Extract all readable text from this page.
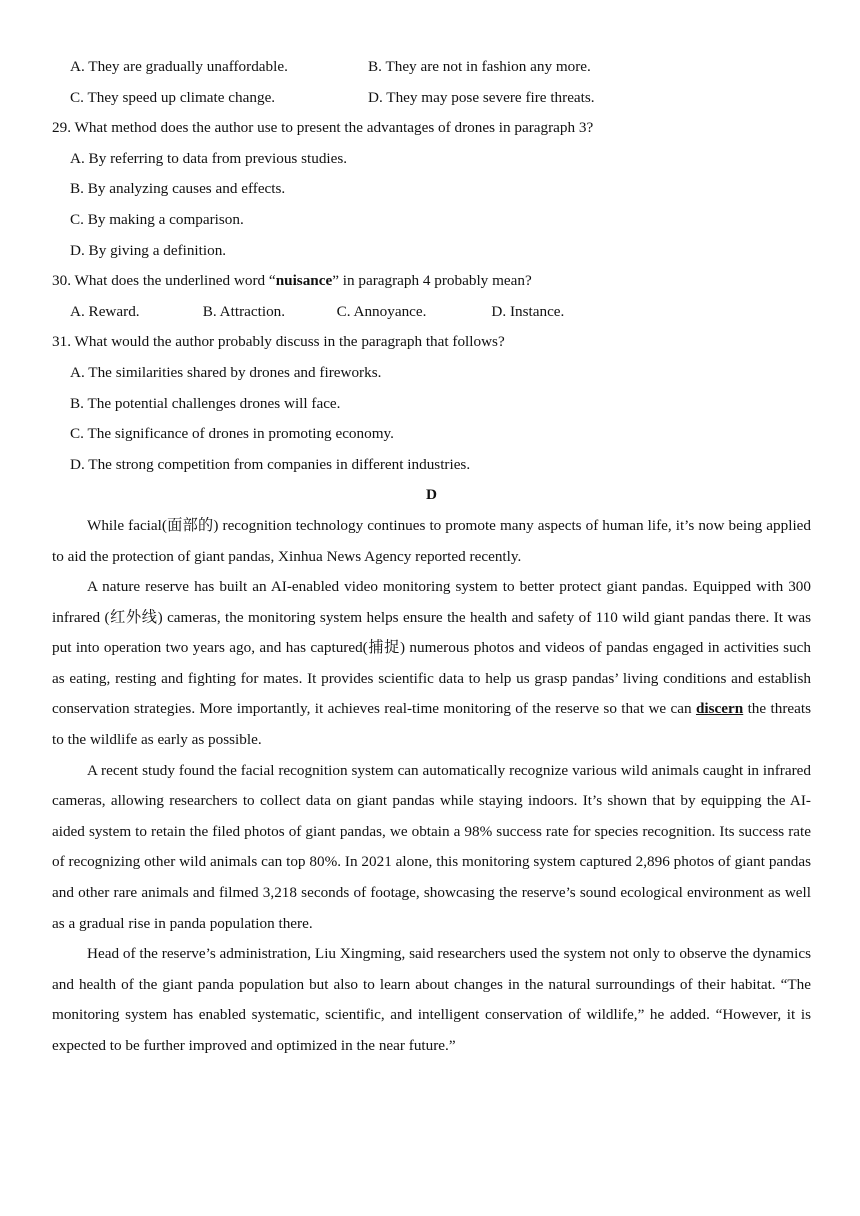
A. They are gradually unaffordable.	B. They are not in fashion any more.
C. They speed up climate change.	D. They may pose severe fire threats.
29. What method does the author use to present the advantages of drones in paragraph 3?
A. By referring to data from previous studies.
B. By analyzing causes and effects.
C. By making a comparison.
D. By giving a definition.
30. What does the underlined word “nuisance” in paragraph 4 probably mean?
A. Reward.	B. Attraction.	C. Annoyance.	D. Instance.
31. What would the author probably discuss in the paragraph that follows?
A. The similarities shared by drones and fireworks.
B. The potential challenges drones will face.
C. The significance of drones in promoting economy.
D. The strong competition from companies in different industries.
D

While facial(面部的) recognition technology continues to promote many aspects of human life, it’s now being applied to aid the protection of giant pandas, Xinhua News Agency reported recently.

A nature reserve has built an AI-enabled video monitoring system to better protect giant pandas. Equipped with 300 infrared (红外线) cameras, the monitoring system helps ensure the health and safety of 110 wild giant pandas there. It was put into operation two years ago, and has captured(捕捉) numerous photos and videos of pandas engaged in activities such as eating, resting and fighting for mates. It provides scientific data to help us grasp pandas’ living conditions and establish conservation strategies. More importantly, it achieves real-time monitoring of the reserve so that we can discern the threats to the wildlife as early as possible.

A recent study found the facial recognition system can automatically recognize various wild animals caught in infrared cameras, allowing researchers to collect data on giant pandas while staying indoors. It’s shown that by equipping the AI-aided system to retain the filed photos of giant pandas, we obtain a 98% success rate for species recognition. Its success rate of recognizing other wild animals can top 80%. In 2021 alone, this monitoring system captured 2,896 photos of giant pandas and other rare animals and filmed 3,218 seconds of footage, showcasing the reserve’s sound ecological environment as well as a gradual rise in panda population there.

Head of the reserve’s administration, Liu Xingming, said researchers used the system not only to observe the dynamics and health of the giant panda population but also to learn about changes in the natural surroundings of their habitat. “The monitoring system has enabled systematic, scientific, and intelligent conservation of wildlife,” he added. “However, it is expected to be further improved and optimized in the near future.”
